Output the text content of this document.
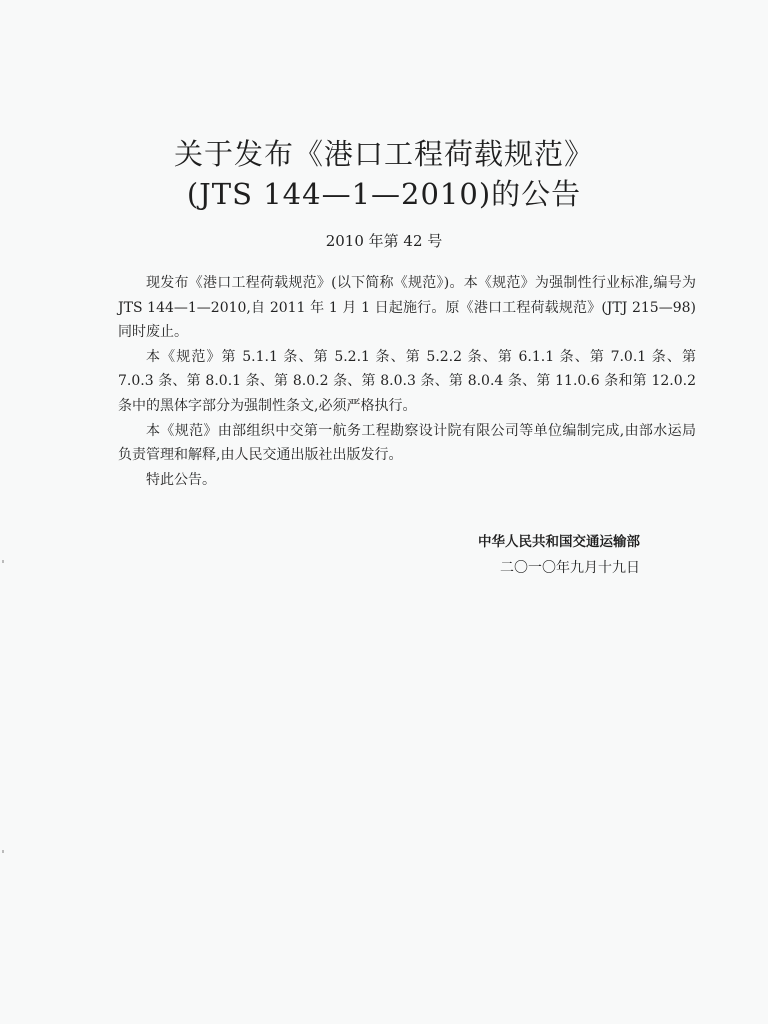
关于发布《港口工程荷载规范》
(JTS 144—1—2010)的公告
2010 年第 42 号

现发布《港口工程荷载规范》(以下简称《规范》)。本《规范》为强制性行业标准,编号为 JTS 144—1—2010,自 2011 年 1 月 1 日起施行。原《港口工程荷载规范》(JTJ 215—98)同时废止。

本《规范》第 5.1.1 条、第 5.2.1 条、第 5.2.2 条、第 6.1.1 条、第 7.0.1 条、第 7.0.3 条、第 8.0.1 条、第 8.0.2 条、第 8.0.3 条、第 8.0.4 条、第 11.0.6 条和第 12.0.2 条中的黑体字部分为强制性条文,必须严格执行。

本《规范》由部组织中交第一航务工程勘察设计院有限公司等单位编制完成,由部水运局负责管理和解释,由人民交通出版社出版发行。

特此公告。

中华人民共和国交通运输部
二〇一〇年九月十九日
